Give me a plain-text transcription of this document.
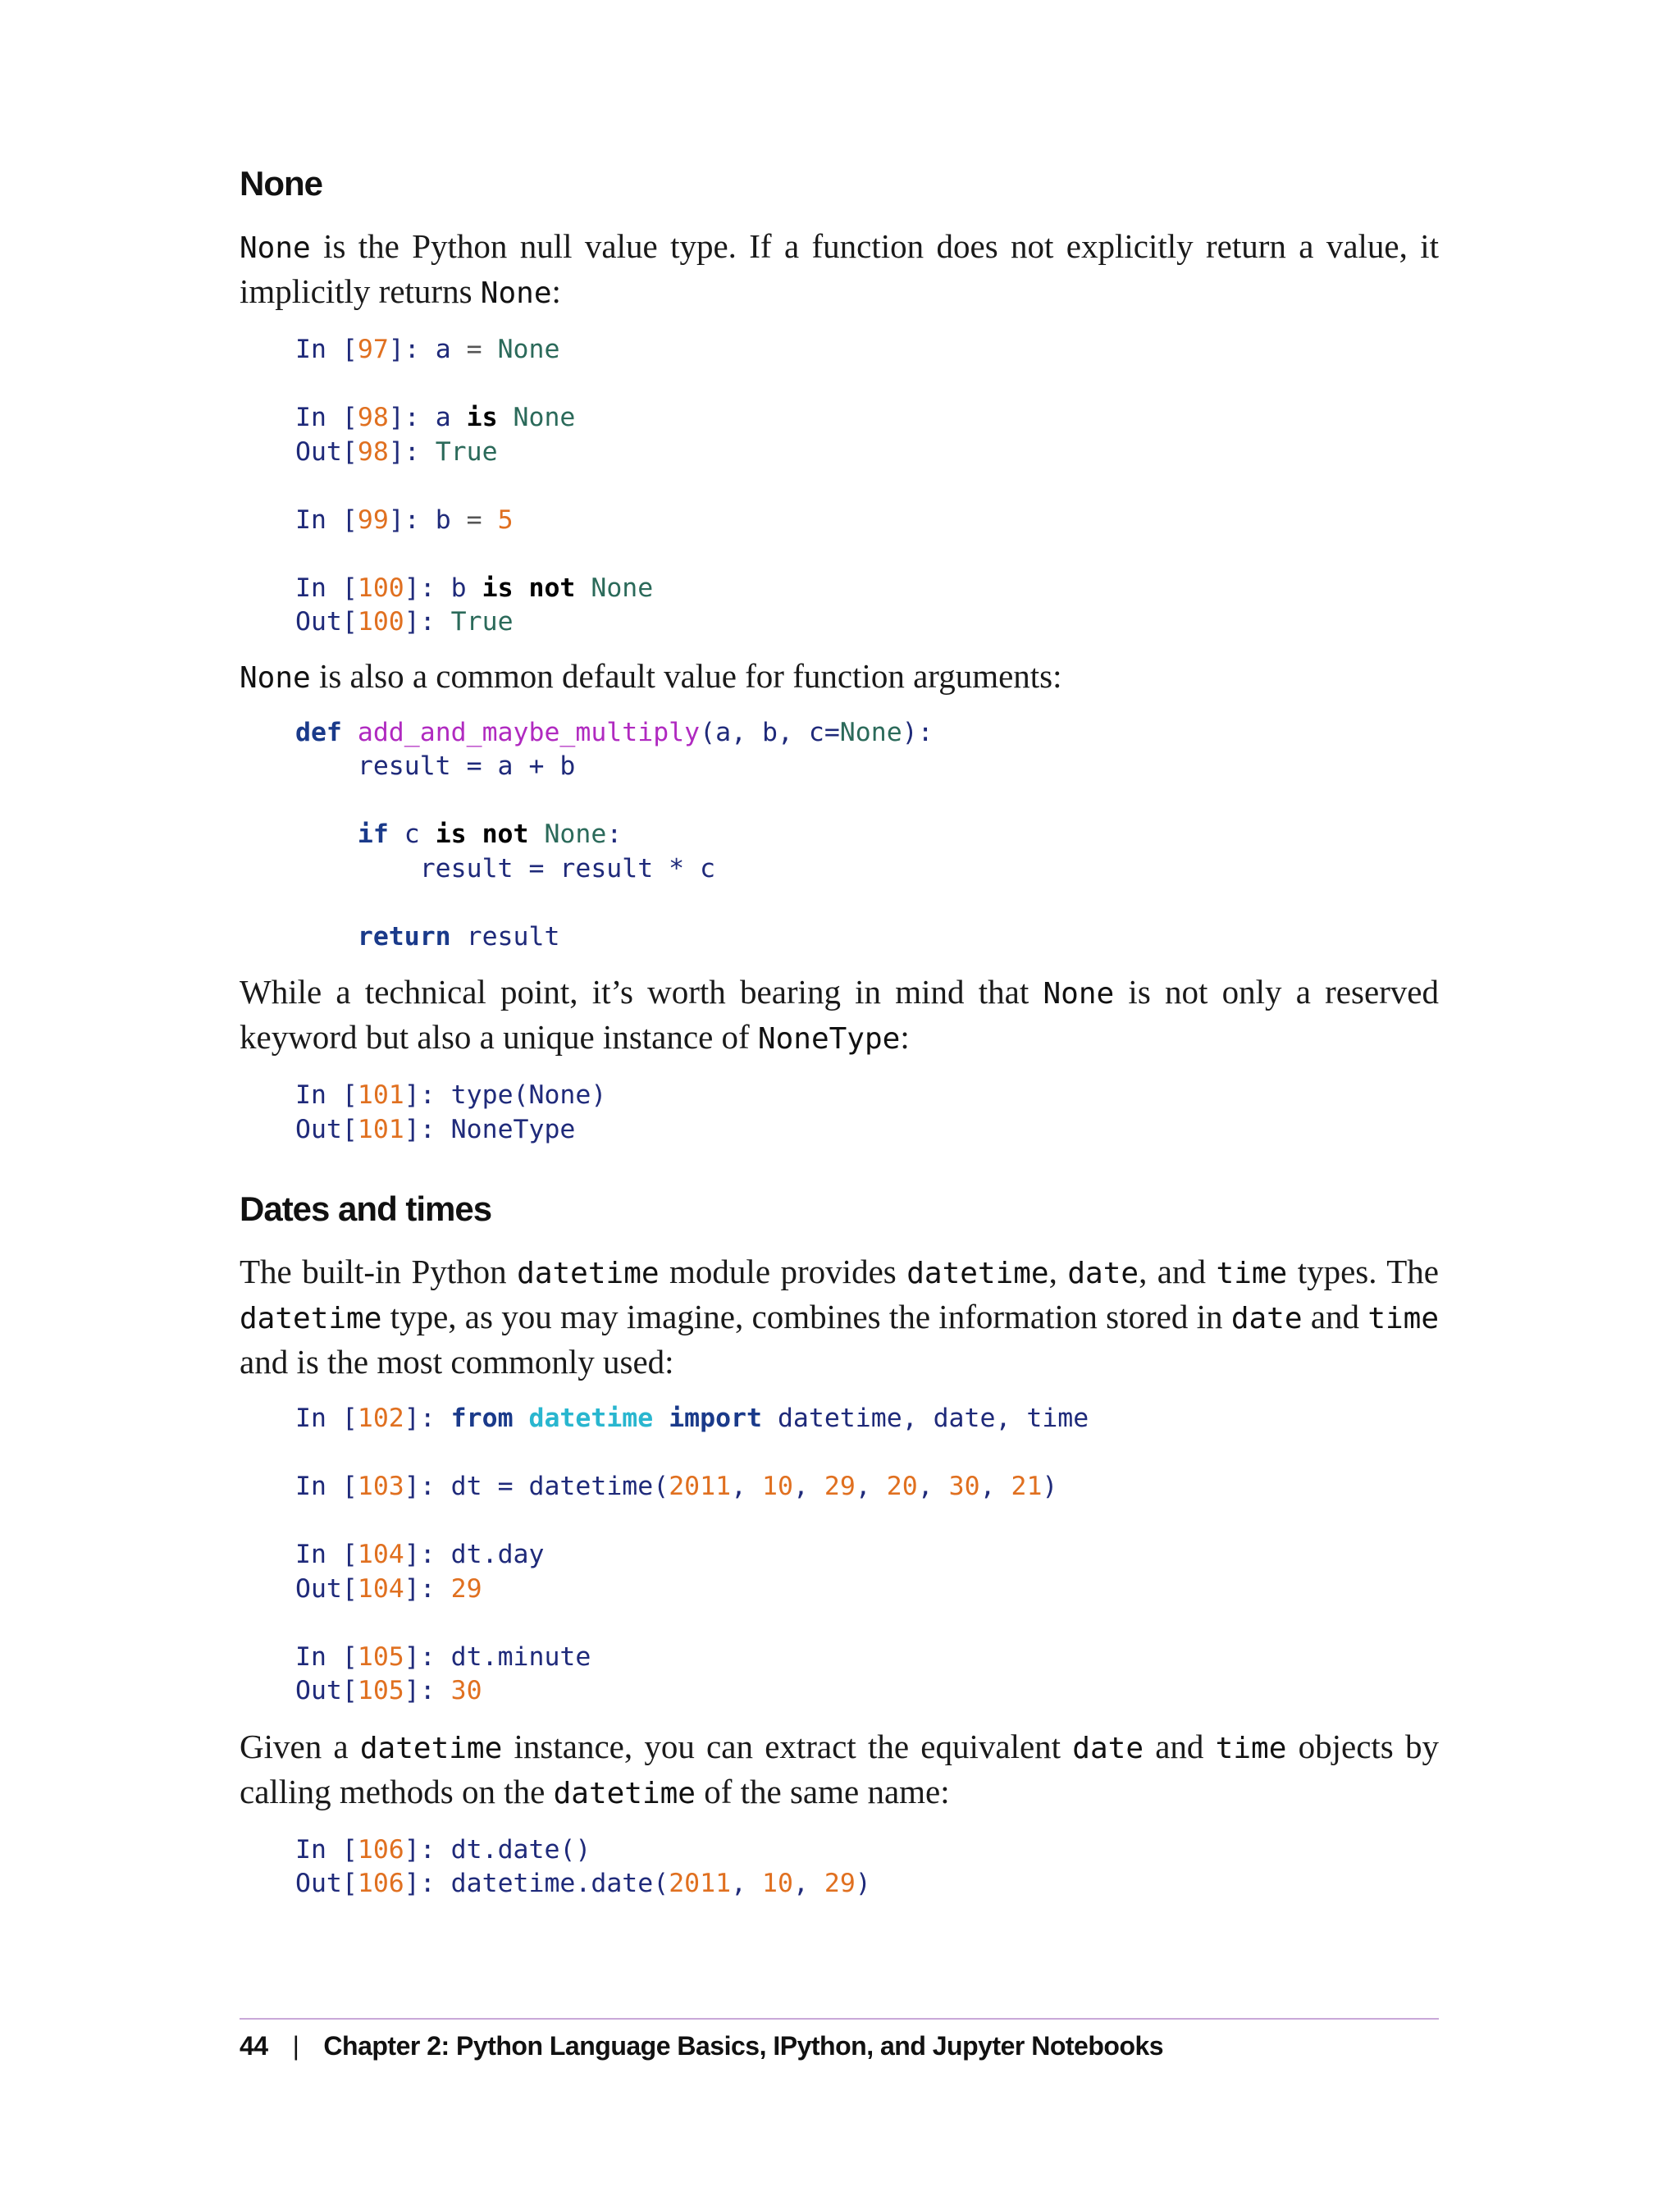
None

None is the Python null value type. If a function does not explicitly return a value, it implicitly returns None:

In [97]: a = None

In [98]: a is None
Out[98]: True

In [99]: b = 5

In [100]: b is not None
Out[100]: True

None is also a common default value for function arguments:

def add_and_maybe_multiply(a, b, c=None):
result = a + b

if c is not None:
result = result * c

return result

While a technical point, it’s worth bearing in mind that None is not only a reserved keyword but also a unique instance of NoneType:

In [101]: type(None)
Out[101]: NoneType
Dates and times

The built-in Python datetime module provides datetime, date, and time types. The datetime type, as you may imagine, combines the information stored in date and time and is the most commonly used:

In [102]: from datetime import datetime, date, time

In [103]: dt = datetime(2011, 10, 29, 20, 30, 21)

In [104]: dt.day
Out[104]: 29

In [105]: dt.minute
Out[105]: 30

Given a datetime instance, you can extract the equivalent date and time objects by calling methods on the datetime of the same name:

In [106]: dt.date()
Out[106]: datetime.date(2011, 10, 29)
44 | Chapter 2: Python Language Basics, IPython, and Jupyter Notebooks
